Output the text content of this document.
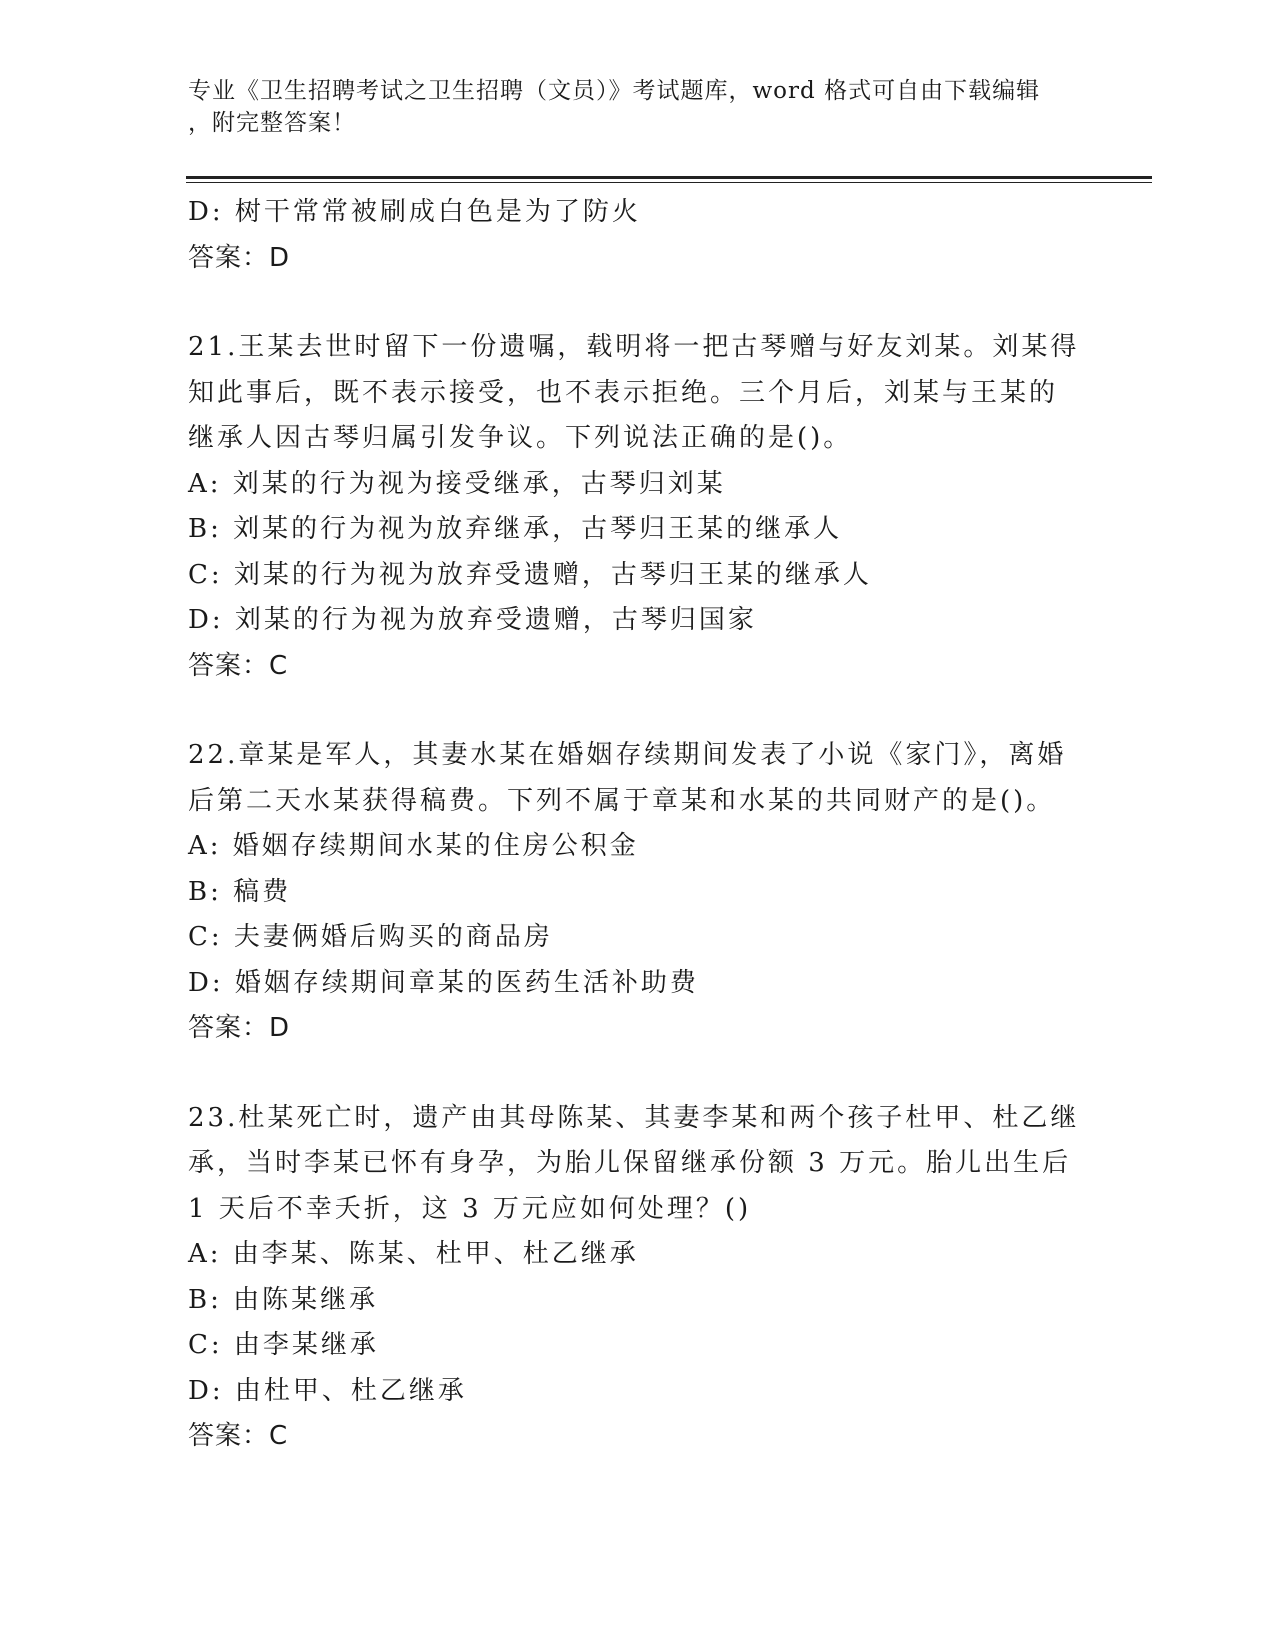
专业《卫生招聘考试之卫生招聘（文员）》考试题库，word 格式可自由下载编辑
，附完整答案！
D: 树干常常被刷成白色是为了防火
答案：D
21.王某去世时留下一份遗嘱，载明将一把古琴赠与好友刘某。刘某得
知此事后，既不表示接受，也不表示拒绝。三个月后，刘某与王某的
继承人因古琴归属引发争议。下列说法正确的是()。
A: 刘某的行为视为接受继承，古琴归刘某
B: 刘某的行为视为放弃继承，古琴归王某的继承人
C: 刘某的行为视为放弃受遗赠，古琴归王某的继承人
D: 刘某的行为视为放弃受遗赠，古琴归国家
答案：C
22.章某是军人，其妻水某在婚姻存续期间发表了小说《家门》，离婚
后第二天水某获得稿费。下列不属于章某和水某的共同财产的是()。
A: 婚姻存续期间水某的住房公积金
B: 稿费
C: 夫妻俩婚后购买的商品房
D: 婚姻存续期间章某的医药生活补助费
答案：D
23.杜某死亡时，遗产由其母陈某、其妻李某和两个孩子杜甲、杜乙继
承，当时李某已怀有身孕，为胎儿保留继承份额 3 万元。胎儿出生后
1 天后不幸夭折，这 3 万元应如何处理？()
A: 由李某、陈某、杜甲、杜乙继承
B: 由陈某继承
C: 由李某继承
D: 由杜甲、杜乙继承
答案：C
